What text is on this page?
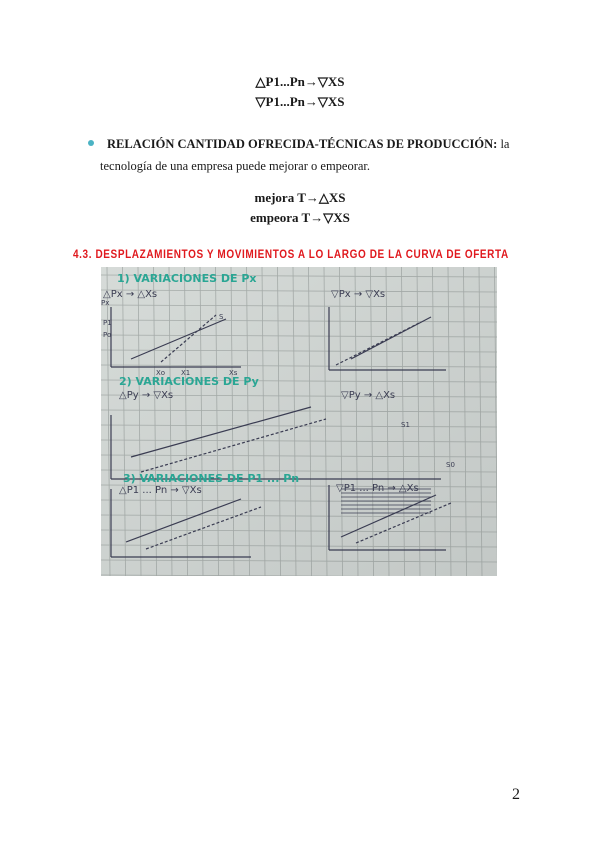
△P1...Pn→▽XS
▽P1...Pn→▽XS
RELACIÓN CANTIDAD OFRECIDA-TÉCNICAS DE PRODUCCIÓN: la
tecnología de una empresa puede mejorar o empeorar.
mejora T→△XS
empeora T→▽XS
4.3. DESPLAZAMIENTOS Y MOVIMIENTOS A LO LARGO DE LA CURVA DE OFERTA
1) VARIACIONES DE Px
2) VARIACIONES DE Py
3) VARIACIONES DE P1 ... Pn
△Px → △Xs	▽Px → ▽Xs
△Py → ▽Xs	▽Py → △Xs
△P1 ... Pn → ▽Xs	▽P1 ... Pn → △Xs
Px
P1
Po
Xo X1	Xs
S
S1
S0
2
